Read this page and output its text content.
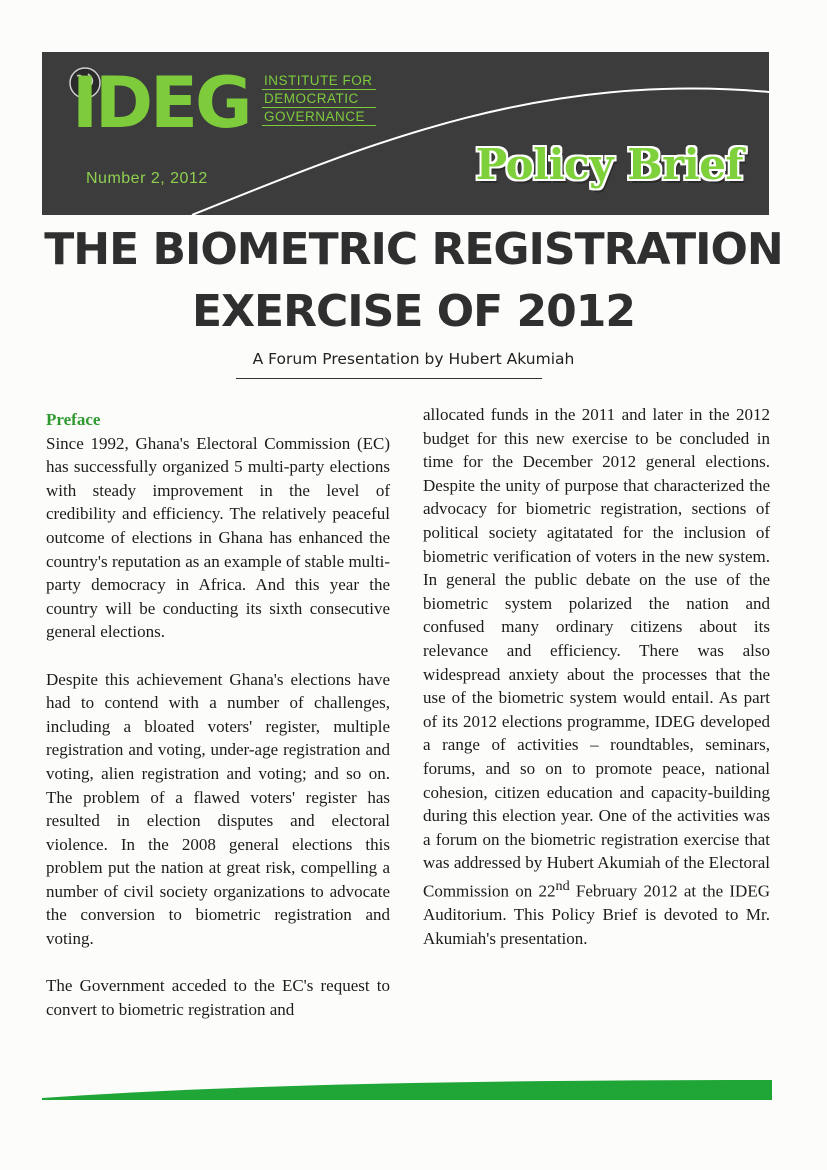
IDEG INSTITUTE FOR
DEMOCRATIC
GOVERNANCE
Number 2, 2012	Policy Brief
THE BIOMETRIC REGISTRATION
EXERCISE OF 2012
A Forum Presentation by Hubert Akumiah
Preface

Since 1992, Ghana's Electoral Commission (EC) has successfully organized 5 multi-party elections with steady improvement in the level of credibility and efficiency. The relatively peaceful outcome of elections in Ghana has enhanced the country's reputation as an example of stable multi-party democracy in Africa. And this year the country will be conducting its sixth consecutive general elections.

Despite this achievement Ghana's elections have had to contend with a number of challenges, including a bloated voters' register, multiple registration and voting, under-age registration and voting, alien registration and voting; and so on. The problem of a flawed voters' register has resulted in election disputes and electoral violence. In the 2008 general elections this problem put the nation at great risk, compelling a number of civil society organizations to advocate the conversion to biometric registration and voting.

The Government acceded to the EC's request to convert to biometric registration and

allocated funds in the 2011 and later in the 2012 budget for this new exercise to be concluded in time for the December 2012 general elections. Despite the unity of purpose that characterized the advocacy for biometric registration, sections of political society agitatated for the inclusion of biometric verification of voters in the new system. In general the public debate on the use of the biometric system polarized the nation and confused many ordinary citizens about its relevance and efficiency. There was also widespread anxiety about the processes that the use of the biometric system would entail. As part of its 2012 elections programme, IDEG developed a range of activities – roundtables, seminars, forums, and so on to promote peace, national cohesion, citizen education and capacity-building during this election year. One of the activities was a forum on the biometric registration exercise that was addressed by Hubert Akumiah of the Electoral Commission on 22nd February 2012 at the IDEG Auditorium. This Policy Brief is devoted to Mr. Akumiah's presentation.
